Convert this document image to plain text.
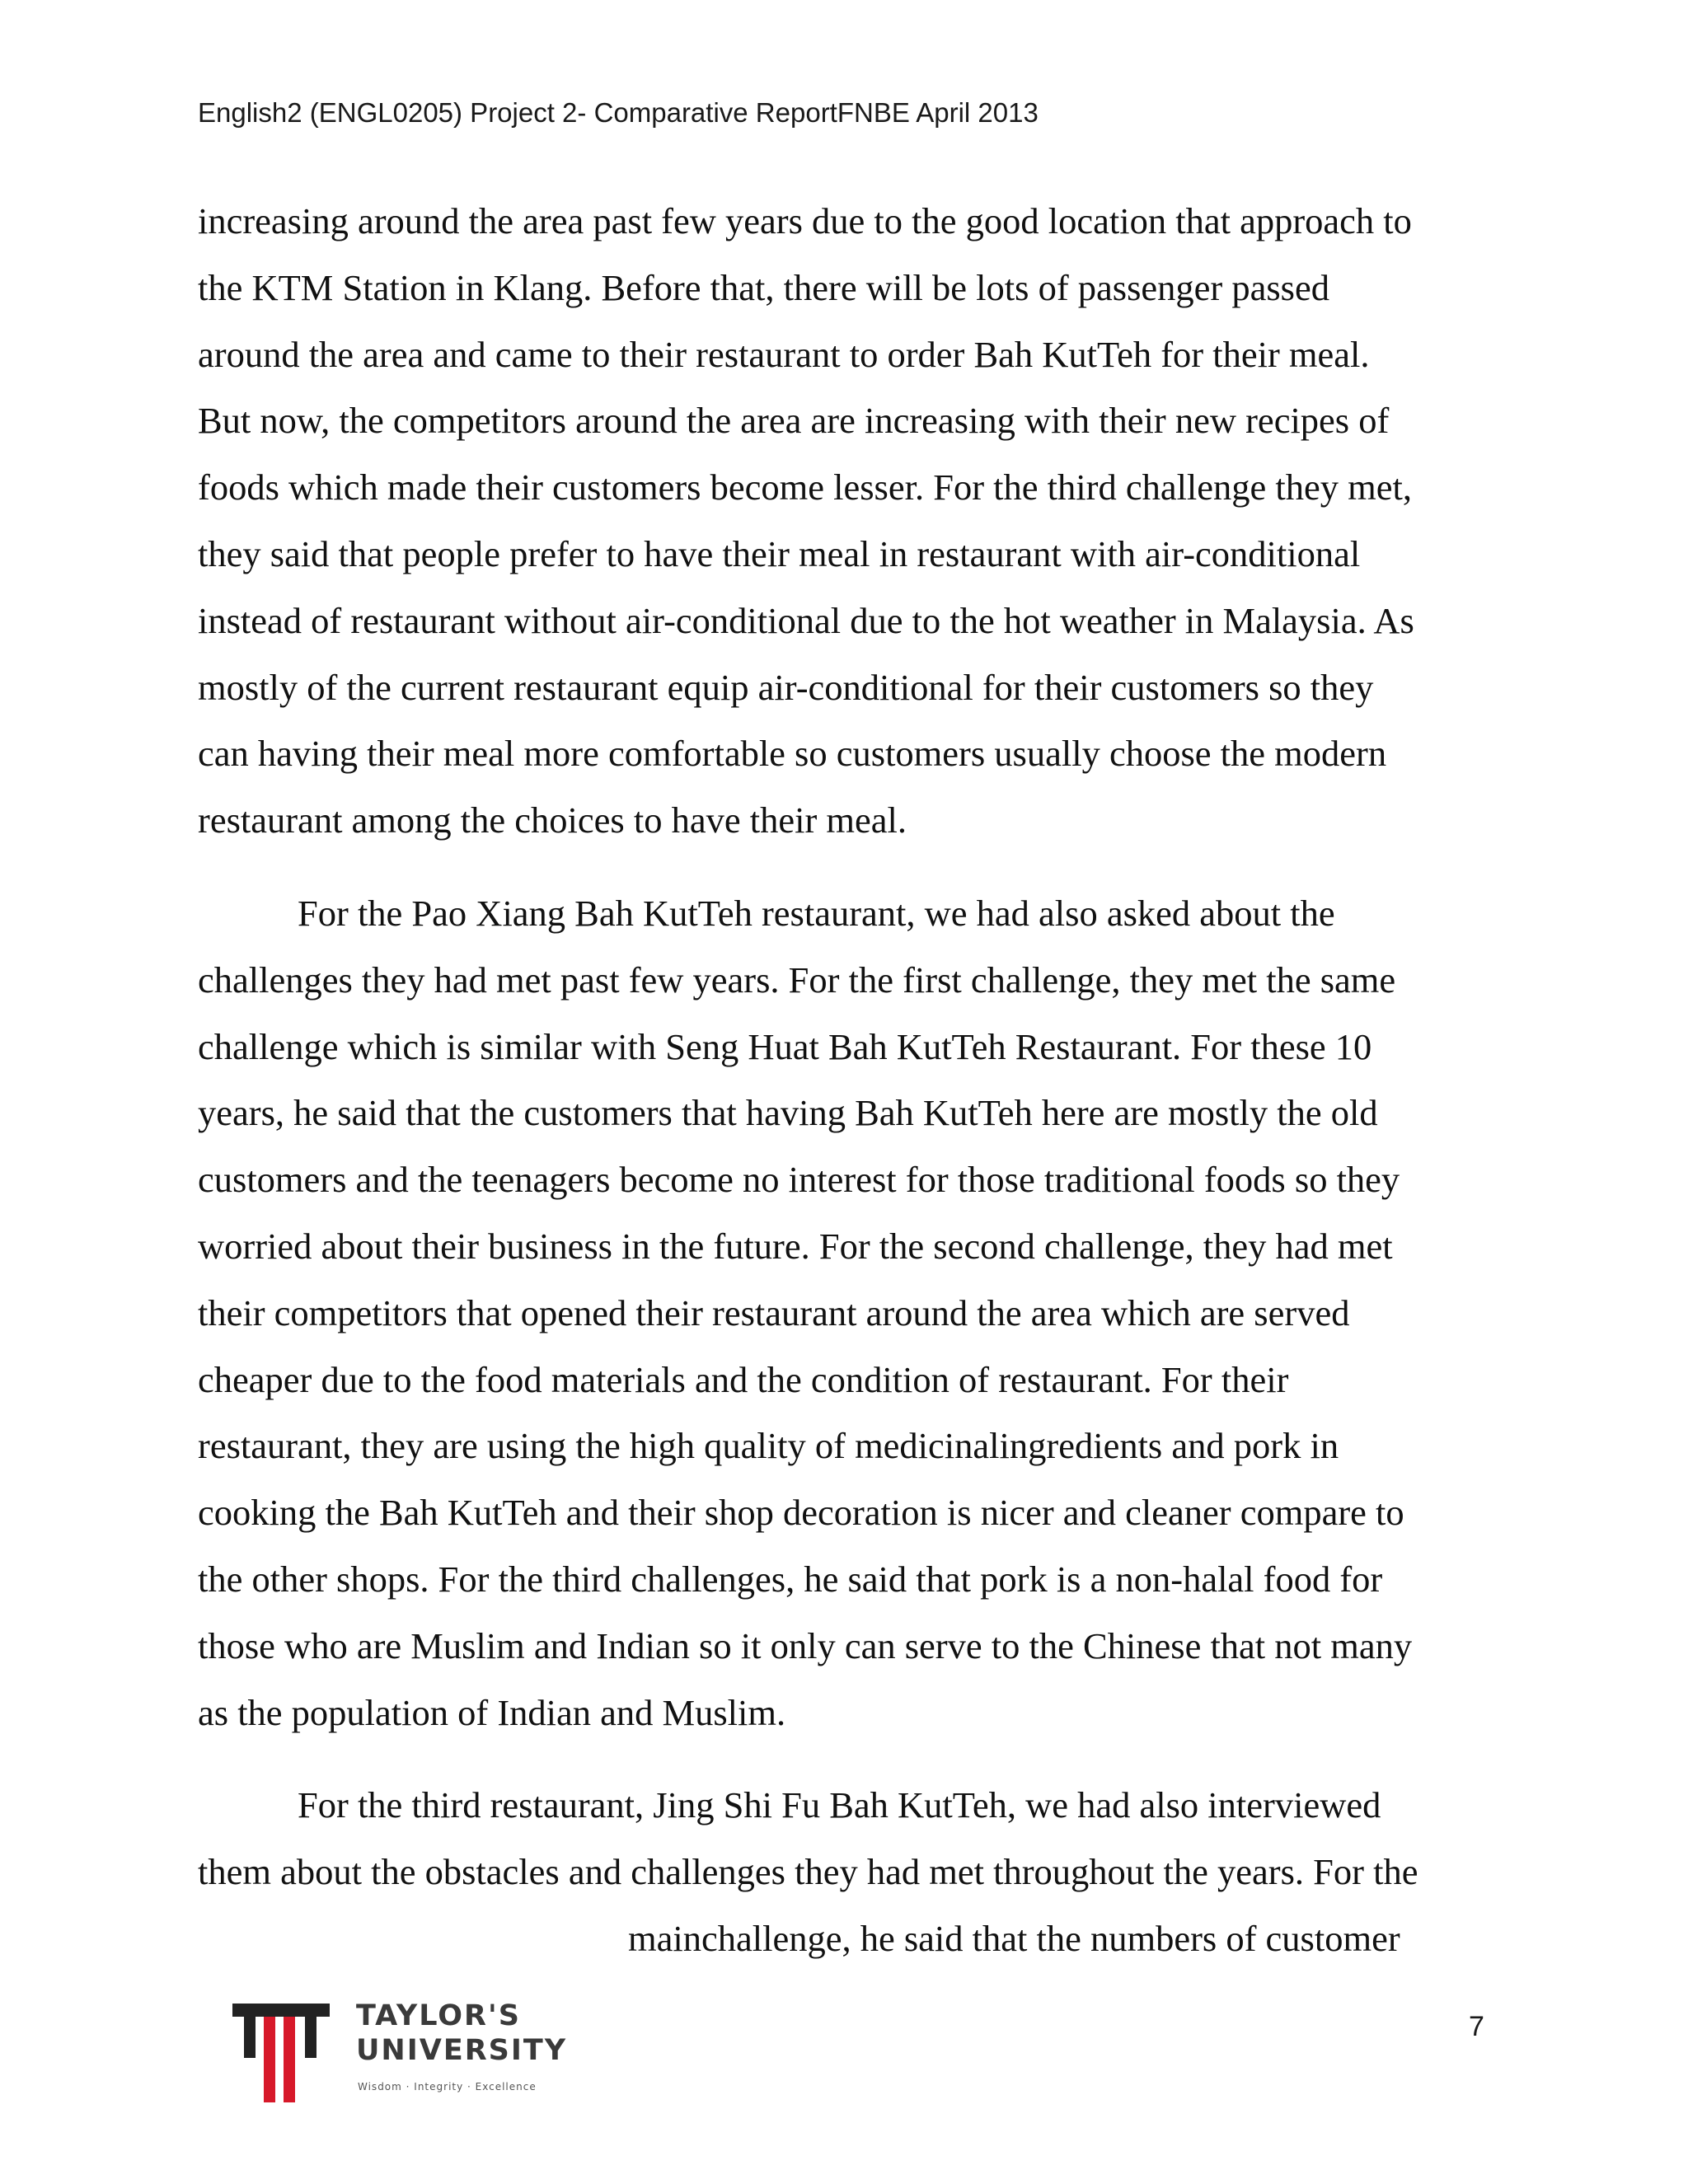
English2 (ENGL0205) Project 2- Comparative ReportFNBE April 2013
increasing around the area past few years due to the good location that approach to
the KTM Station in Klang. Before that, there will be lots of passenger passed
around the area and came to their restaurant to order Bah KutTeh for their meal.
But now, the competitors around the area are increasing with their new recipes of
foods which made their customers become lesser. For the third challenge they met,
they said that people prefer to have their meal in restaurant with air-conditional
instead of restaurant without air-conditional due to the hot weather in Malaysia. As
mostly of the current restaurant equip air-conditional for their customers so they
can having their meal more comfortable so customers usually choose the modern
restaurant among the choices to have their meal.
For the Pao Xiang Bah KutTeh restaurant, we had also asked about the
challenges they had met past few years. For the first challenge, they met the same
challenge which is similar with Seng Huat Bah KutTeh Restaurant. For these 10
years, he said that the customers that having Bah KutTeh here are mostly the old
customers and the teenagers become no interest for those traditional foods so they
worried about their business in the future. For the second challenge, they had met
their competitors that opened their restaurant around the area which are served
cheaper due to the food materials and the condition of restaurant. For their
restaurant, they are using the high quality of medicinalingredients and pork in
cooking the Bah KutTeh and their shop decoration is nicer and cleaner compare to
the other shops. For the third challenges, he said that pork is a non-halal food for
those who are Muslim and Indian so it only can serve to the Chinese that not many
as the population of Indian and Muslim.
For the third restaurant, Jing Shi Fu Bah KutTeh, we had also interviewed
them about the obstacles and challenges they had met throughout the years. For the
mainchallenge, he said that the numbers of customer
TAYLOR'S
UNIVERSITY
Wisdom · Integrity · Excellence
7
